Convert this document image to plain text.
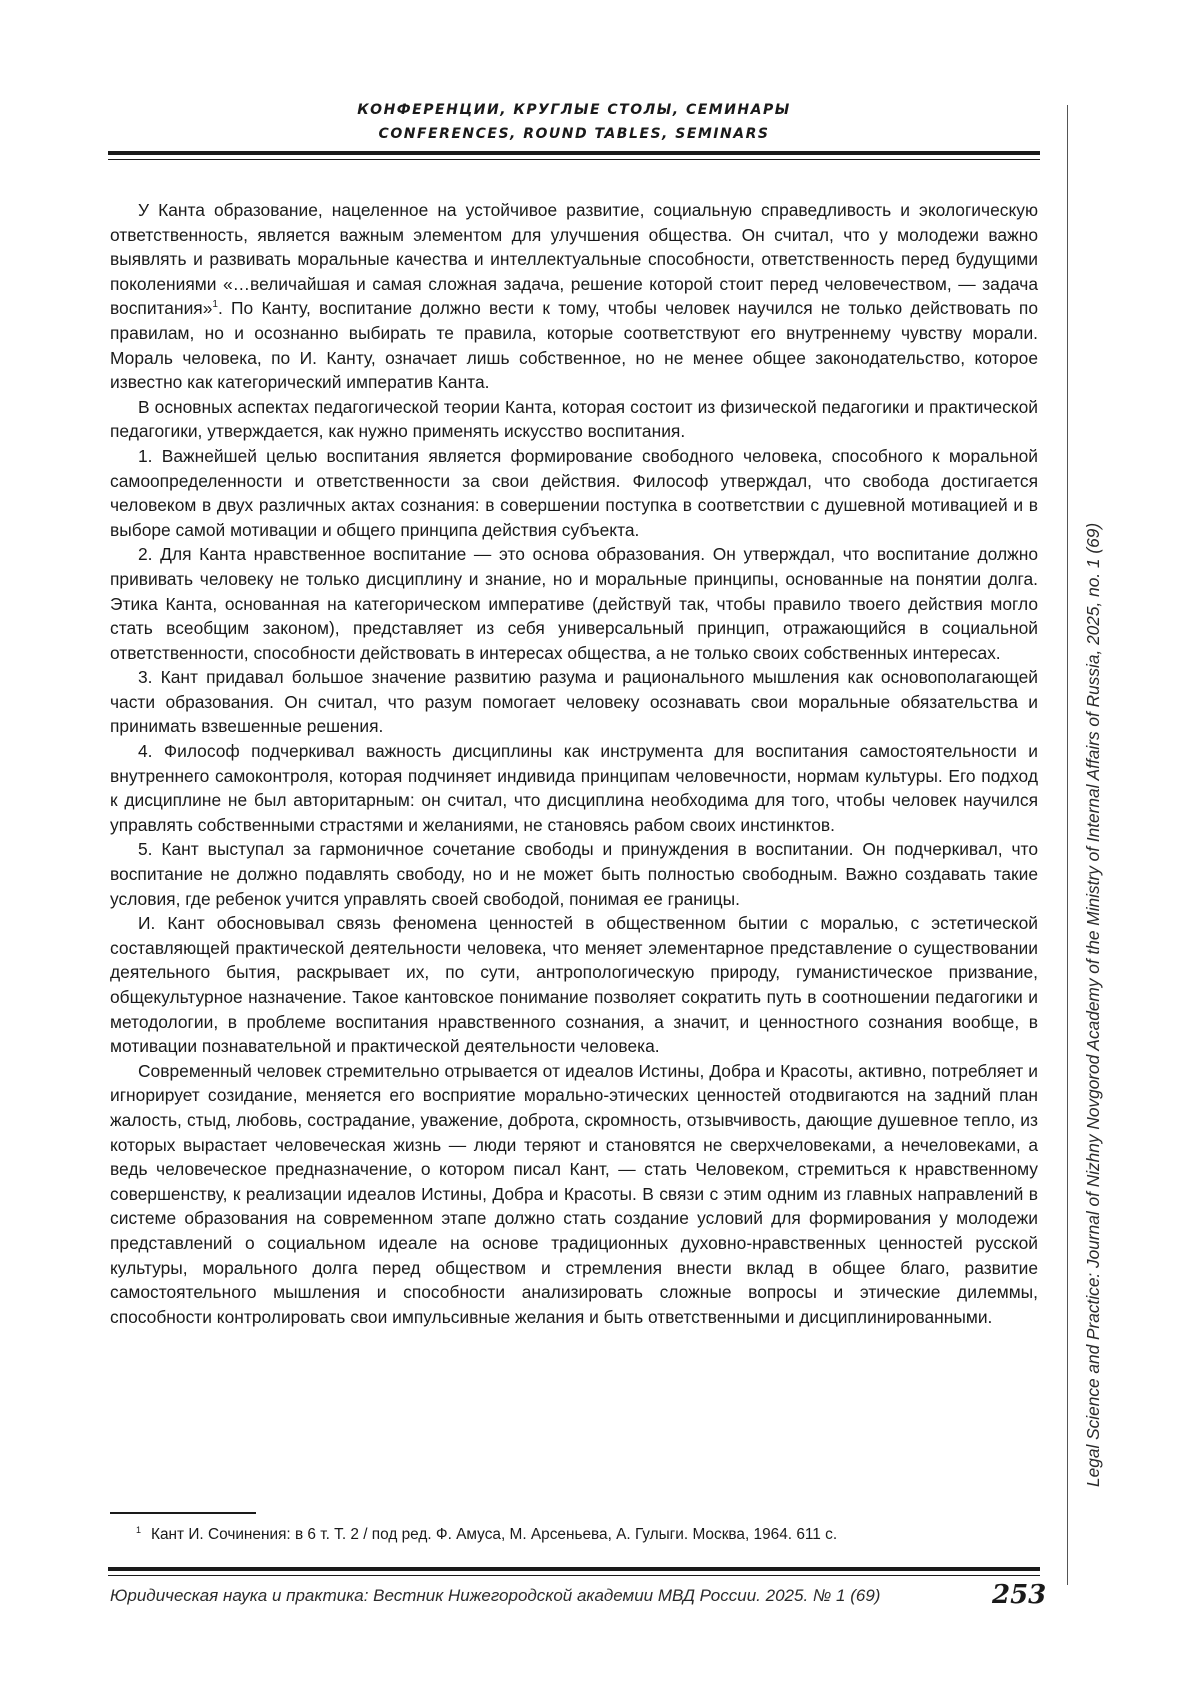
КОНФЕРЕНЦИИ, КРУГЛЫЕ СТОЛЫ, СЕМИНАРЫ
CONFERENCES, ROUND TABLES, SEMINARS

У Канта образование, нацеленное на устойчивое развитие, социальную справедливость и экологическую ответственность, является важным элементом для улучшения общества. Он считал, что у молодежи важно выявлять и развивать моральные качества и интеллектуальные способности, ответственность перед будущими поколениями «…величайшая и самая сложная задача, решение которой стоит перед человечеством, — задача воспитания»$^1$. По Канту, воспитание должно вести к тому, чтобы человек научился не только действовать по правилам, но и осознанно выбирать те правила, которые соответствуют его внутреннему чувству морали. Мораль человека, по И. Канту, означает лишь собственное, но не менее общее законодательство, которое известно как категорический императив Канта.

В основных аспектах педагогической теории Канта, которая состоит из физической педагогики и практической педагогики, утверждается, как нужно применять искусство воспитания.

1. Важнейшей целью воспитания является формирование свободного человека, способного к моральной самоопределенности и ответственности за свои действия. Философ утверждал, что свобода достигается человеком в двух различных актах сознания: в совершении поступка в соответствии с душевной мотивацией и в выборе самой мотивации и общего принципа действия субъекта.

2. Для Канта нравственное воспитание — это основа образования. Он утверждал, что воспитание должно прививать человеку не только дисциплину и знание, но и моральные принципы, основанные на понятии долга. Этика Канта, основанная на категорическом императиве (действуй так, чтобы правило твоего действия могло стать всеобщим законом), представляет из себя универсальный принцип, отражающийся в социальной ответственности, способности действовать в интересах общества, а не только своих собственных интересах.

3. Кант придавал большое значение развитию разума и рационального мышления как основополагающей части образования. Он считал, что разум помогает человеку осознавать свои моральные обязательства и принимать взвешенные решения.

4. Философ подчеркивал важность дисциплины как инструмента для воспитания самостоятельности и внутреннего самоконтроля, которая подчиняет индивида принципам человечности, нормам культуры. Его подход к дисциплине не был авторитарным: он считал, что дисциплина необходима для того, чтобы человек научился управлять собственными страстями и желаниями, не становясь рабом своих инстинктов.

5. Кант выступал за гармоничное сочетание свободы и принуждения в воспитании. Он подчеркивал, что воспитание не должно подавлять свободу, но и не может быть полностью свободным. Важно создавать такие условия, где ребенок учится управлять своей свободой, понимая ее границы.

И. Кант обосновывал связь феномена ценностей в общественном бытии с моралью, с эстетической составляющей практической деятельности человека, что меняет элементарное представление о существовании деятельного бытия, раскрывает их, по сути, антропологическую природу, гуманистическое призвание, общекультурное назначение. Такое кантовское понимание позволяет сократить путь в соотношении педагогики и методологии, в проблеме воспитания нравственного сознания, а значит, и ценностного сознания вообще, в мотивации познавательной и практической деятельности человека.

Современный человек стремительно отрывается от идеалов Истины, Добра и Красоты, активно, потребляет и игнорирует созидание, меняется его восприятие морально-этических ценностей отодвигаются на задний план жалость, стыд, любовь, сострадание, уважение, доброта, скромность, отзывчивость, дающие душевное тепло, из которых вырастает человеческая жизнь — люди теряют и становятся не сверхчеловеками, а нечеловеками, а ведь человеческое предназначение, о котором писал Кант, — стать Человеком, стремиться к нравственному совершенству, к реализации идеалов Истины, Добра и Красоты. В связи с этим одним из главных направлений в системе образования на современном этапе должно стать создание условий для формирования у молодежи представлений о социальном идеале на основе традиционных духовно-нравственных ценностей русской культуры, морального долга перед обществом и стремления внести вклад в общее благо, развитие самостоятельного мышления и способности анализировать сложные вопросы и этические дилеммы, способности контролировать свои импульсивные желания и быть ответственными и дисциплинированными.

$^1$ Кант И. Сочинения: в 6 т. Т. 2 / под ред. Ф. Амуса, М. Арсеньева, А. Гулыги. Москва, 1964. 611 с.
Legal Science and Practice: Journal of Nizhny Novgorod Academy of the Ministry of Internal Affairs of Russia, 2025, no. 1 (69)
Юридическая наука и практика: Вестник Нижегородской академии МВД России. 2025. № 1 (69)	253
